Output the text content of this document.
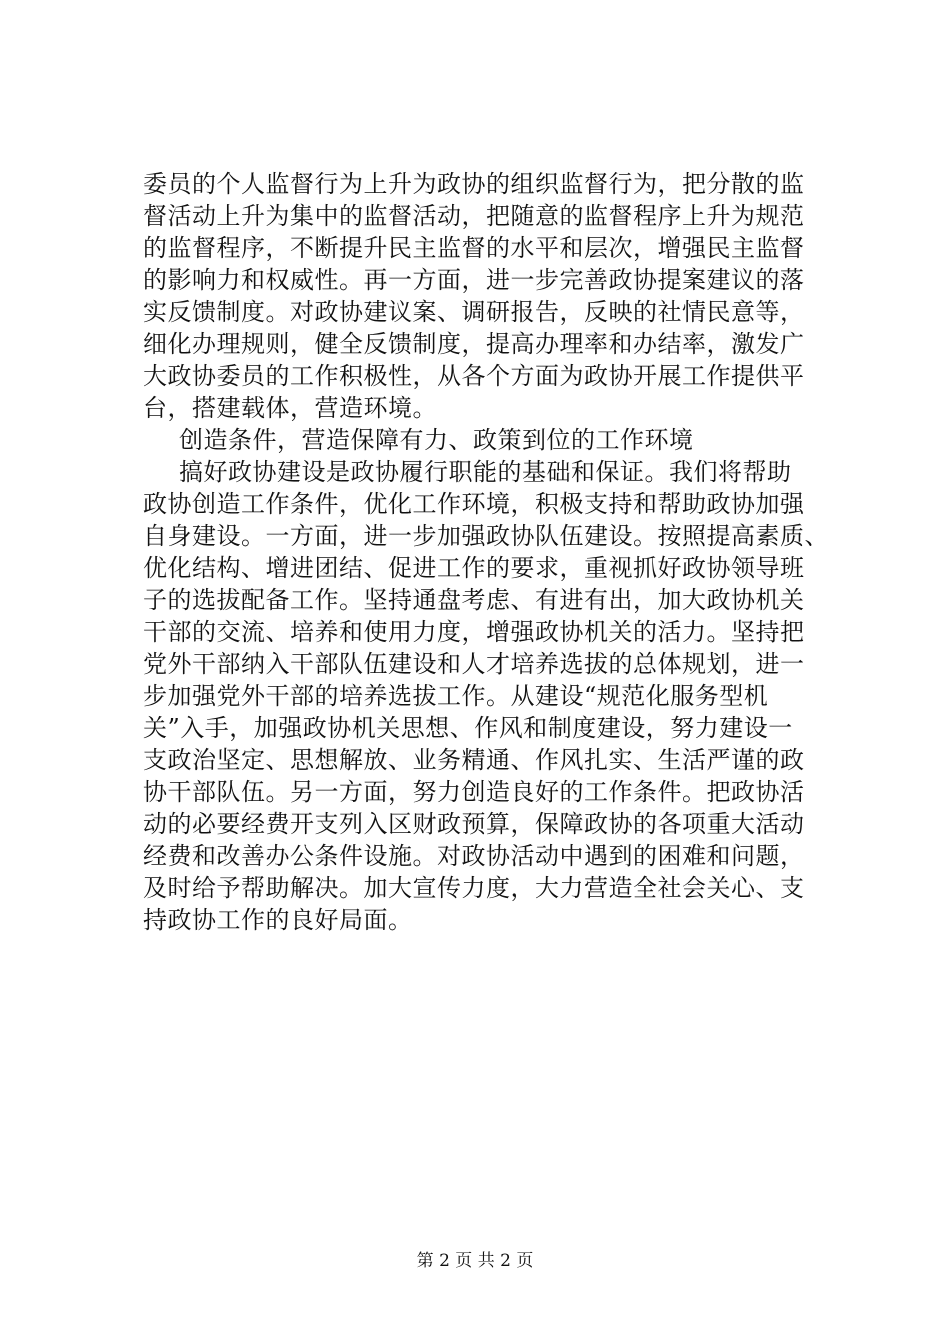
委员的个人监督行为上升为政协的组织监督行为，把分散的监
督活动上升为集中的监督活动，把随意的监督程序上升为规范
的监督程序，不断提升民主监督的水平和层次，增强民主监督
的影响力和权威性。再一方面，进一步完善政协提案建议的落
实反馈制度。对政协建议案、调研报告，反映的社情民意等，
细化办理规则，健全反馈制度，提高办理率和办结率，激发广
大政协委员的工作积极性，从各个方面为政协开展工作提供平
台，搭建载体，营造环境。
创造条件，营造保障有力、政策到位的工作环境
搞好政协建设是政协履行职能的基础和保证。我们将帮助
政协创造工作条件，优化工作环境，积极支持和帮助政协加强
自身建设。一方面，进一步加强政协队伍建设。按照提高素质、
优化结构、增进团结、促进工作的要求，重视抓好政协领导班
子的选拔配备工作。坚持通盘考虑、有进有出，加大政协机关
干部的交流、培养和使用力度，增强政协机关的活力。坚持把
党外干部纳入干部队伍建设和人才培养选拔的总体规划，进一
步加强党外干部的培养选拔工作。从建设“规范化服务型机
关”入手，加强政协机关思想、作风和制度建设，努力建设一
支政治坚定、思想解放、业务精通、作风扎实、生活严谨的政
协干部队伍。另一方面，努力创造良好的工作条件。把政协活
动的必要经费开支列入区财政预算，保障政协的各项重大活动
经费和改善办公条件设施。对政协活动中遇到的困难和问题，
及时给予帮助解决。加大宣传力度，大力营造全社会关心、支
持政协工作的良好局面。
第 2 页 共 2 页
